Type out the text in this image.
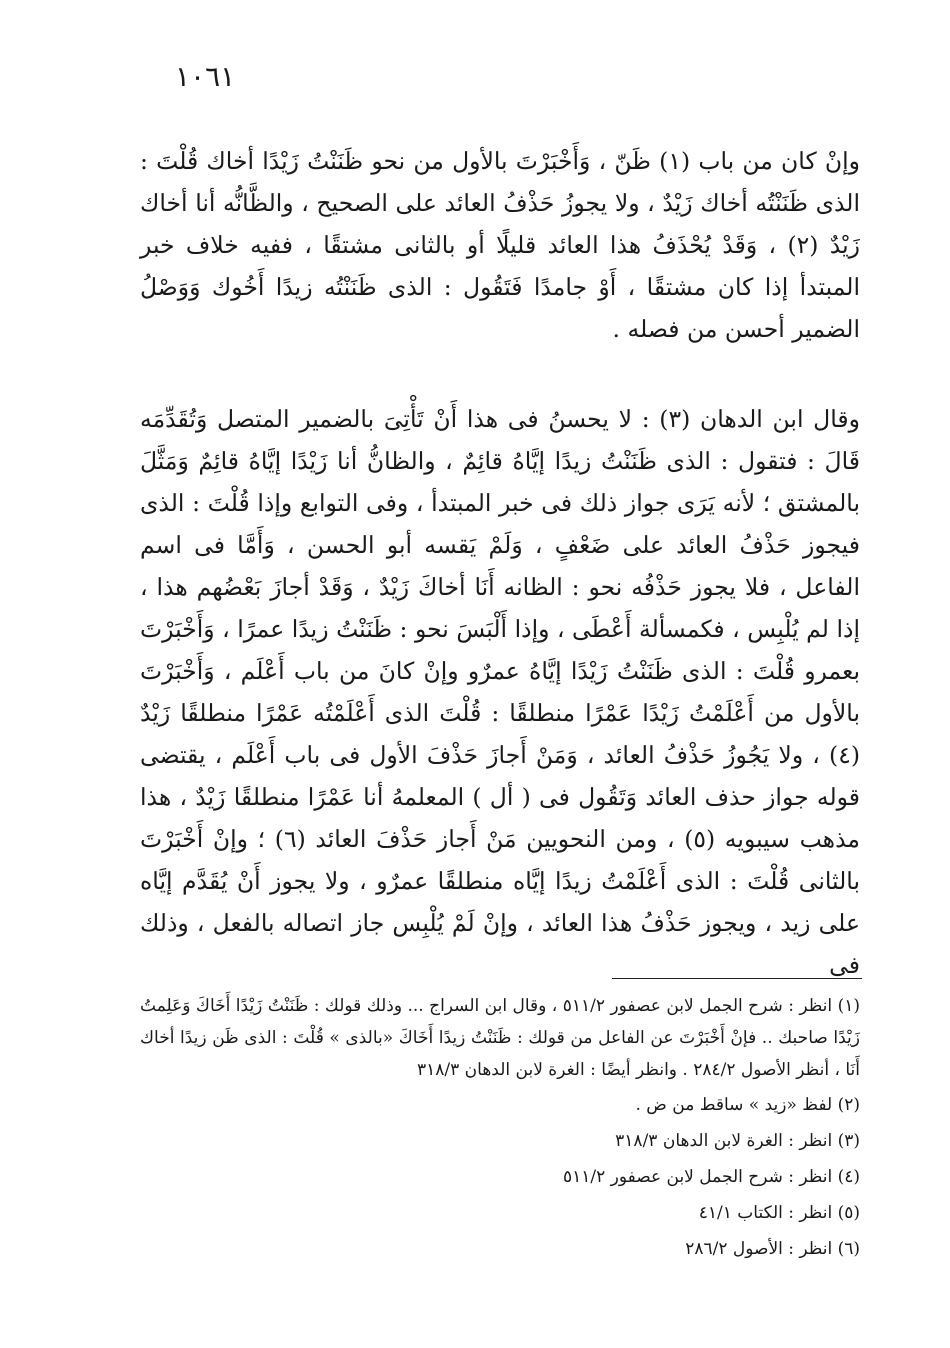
١٠٦١

وإنْ كان من باب (١) ظَنّ ، وَأَخْبَرْتَ بالأول من نحو ظَنَنْتُ زَيْدًا أخاك قُلْتَ : الذى ظَنَنْتُه أخاك زَيْدٌ ، ولا يجوزُ حَذْفُ العائد على الصحيح ، والظَّانُّه أنا أخاك زَيْدٌ (٢) ، وَقَدْ يُحْذَفُ هذا العائد قليلًا أو بالثانى مشتقًا ، ففيه خلاف خبر المبتدأ إذا كان مشتقًا ، أَوْ جامدًا فَتَقُول : الذى ظَنَنْتُه زيدًا أَخُوك وَوَصْلُ الضمير أحسن من فصله .

وقال ابن الدهان (٣) : لا يحسنُ فى هذا أَنْ تَأْتِىَ بالضمير المتصل وَتُقَدِّمَه قَالَ : فتقول : الذى ظَنَنْتُ زيدًا إيَّاهُ قائِمٌ ، والظانُّ أنا زَيْدًا إيَّاهُ قائِمٌ وَمَثَّلَ بالمشتق ؛ لأنه يَرَى جواز ذلك فى خبر المبتدأ ، وفى التوابع وإذا قُلْتَ : الذى فيجوز حَذْفُ العائد على ضَعْفٍ ، وَلَمْ يَقسه أبو الحسن ، وَأَمَّا فى اسم الفاعل ، فلا يجوز حَذْفُه نحو : الظانه أَنَا أخاكَ زَيْدٌ ، وَقَدْ أجازَ بَعْضُهم هذا ، إذا لم يُلْبِس ، فكمسألة أَعْطَى ، وإذا أَلْبَسَ نحو : ظَنَنْتُ زيدًا عمرًا ، وَأَخْبَرْتَ بعمرو قُلْتَ : الذى ظَنَنْتُ زَيْدًا إيَّاهُ عمرٌو وإنْ كانَ من باب أَعْلَم ، وَأَخْبَرْتَ بالأول من أَعْلَمْتُ زَيْدًا عَمْرًا منطلقًا : قُلْتَ الذى أَعْلَمْتُه عَمْرًا منطلقًا زَيْدٌ (٤) ، ولا يَجُوزُ حَذْفُ العائد ، وَمَنْ أَجازَ حَذْفَ الأول فى باب أَعْلَم ، يقتضى قوله جواز حذف العائد وَتَقُول فى ( أل ) المعلمهُ أنا عَمْرًا منطلقًا زَيْدٌ ، هذا مذهب سيبويه (٥) ، ومن النحويين مَنْ أَجاز حَذْفَ العائد (٦) ؛ وإنْ أَخْبَرْتَ بالثانى قُلْتَ : الذى أَعْلَمْتُ زيدًا إيَّاه منطلقًا عمرٌو ، ولا يجوز أَنْ يُقَدَّم إيَّاه على زيد ، ويجوز حَذْفُ هذا العائد ، وإنْ لَمْ يُلْبِس جاز اتصاله بالفعل ، وذلك فى

(١) انظر : شرح الجمل لابن عصفور ٥١١/٢ ، وقال ابن السراج ... وذلك قولك : ظَنَنْتُ زَيْدًا أَخَاكَ وَعَلِمتُ زَيْدًا صاحبك .. فإنْ أَخْبَرْتَ عن الفاعل من قولك : ظَنَنْتُ زيدًا أَخَاكَ «بالذى » قُلْتَ : الذى ظَن زيدًا أخاك أَنَا ، أنظر الأصول ٢٨٤/٢ . وانظر أيضًا : الغرة لابن الدهان ٣١٨/٣
(٢) لفظ «زيد » ساقط من ض .
(٣) انظر : الغرة لابن الدهان ٣١٨/٣
(٤) انظر : شرح الجمل لابن عصفور ٥١١/٢
(٥) انظر : الكتاب ٤١/١
(٦) انظر : الأصول ٢٨٦/٢
